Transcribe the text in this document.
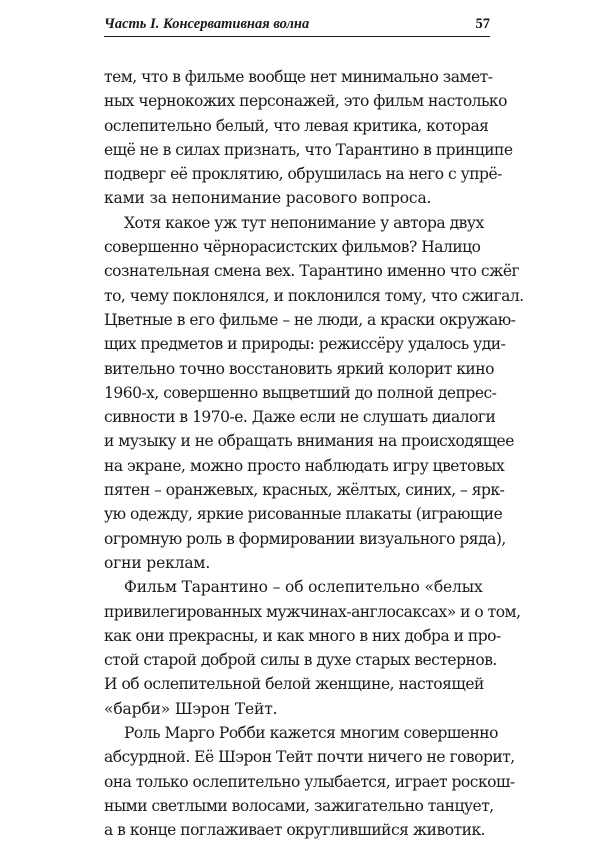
Часть I. Консервативная волна	57
тем, что в фильме вообще нет минимально замет-
ных чернокожих персонажей, это фильм настолько
ослепительно белый, что левая критика, которая
ещё не в силах признать, что Тарантино в принципе
подверг её проклятию, обрушилась на него с упрё-
ками за непонимание расового вопроса.
Хотя какое уж тут непонимание у автора двух
совершенно чёрнорасистских фильмов? Налицо
сознательная смена вех. Тарантино именно что сжёг
то, чему поклонялся, и поклонился тому, что сжигал.
Цветные в его фильме – не люди, а краски окружаю-
щих предметов и природы: режиссёру удалось уди-
вительно точно восстановить яркий колорит кино
1960-х, совершенно выцветший до полной депрес-
сивности в 1970-е. Даже если не слушать диалоги
и музыку и не обращать внимания на происходящее
на экране, можно просто наблюдать игру цветовых
пятен – оранжевых, красных, жёлтых, синих, – ярк-
ую одежду, яркие рисованные плакаты (играющие
огромную роль в формировании визуального ряда),
огни реклам.
Фильм Тарантино – об ослепительно «белых
привилегированных мужчинах-англосаксах» и о том,
как они прекрасны, и как много в них добра и про-
стой старой доброй силы в духе старых вестернов.
И об ослепительной белой женщине, настоящей
«барби» Шэрон Тейт.
Роль Марго Робби кажется многим совершенно
абсурдной. Её Шэрон Тейт почти ничего не говорит,
она только ослепительно улыбается, играет роскош-
ными светлыми волосами, зажигательно танцует,
а в конце поглаживает округлившийся животик.
